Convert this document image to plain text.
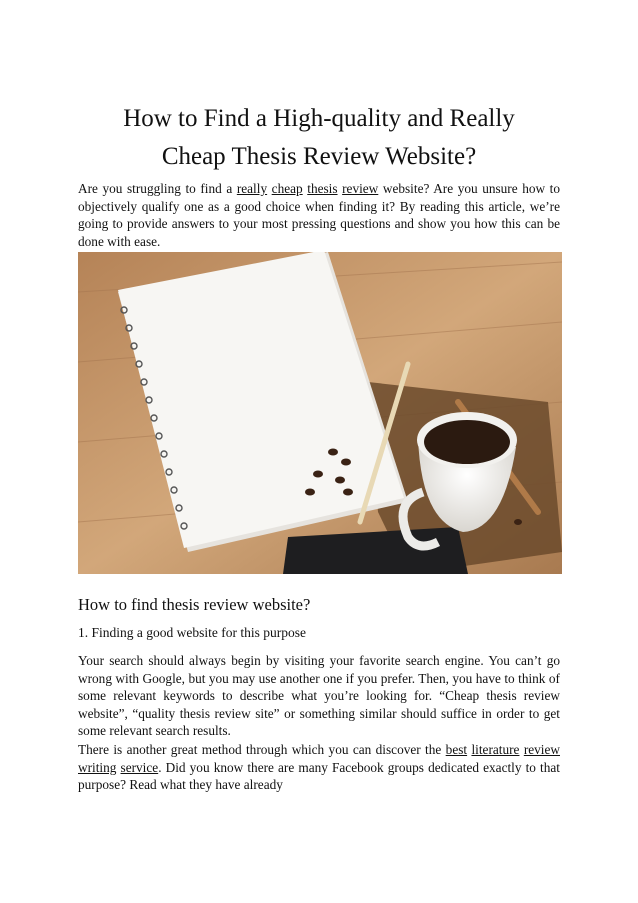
How to Find a High-quality and Really
Cheap Thesis Review Website?

Are you struggling to find a really cheap thesis review website? Are you unsure how to objectively qualify one as a good choice when finding it? By reading this article, we’re going to provide answers to your most pressing questions and show you how this can be done with ease.

How to find thesis review website?
1. Finding a good website for this purpose

Your search should always begin by visiting your favorite search engine. You can’t go wrong with Google, but you may use another one if you prefer. Then, you have to think of some relevant keywords to describe what you’re looking for. “Cheap thesis review website”, “quality thesis review site” or something similar should suffice in order to get some relevant search results.

There is another great method through which you can discover the best literature review writing service. Did you know there are many Facebook groups dedicated exactly to that purpose? Read what they have already
